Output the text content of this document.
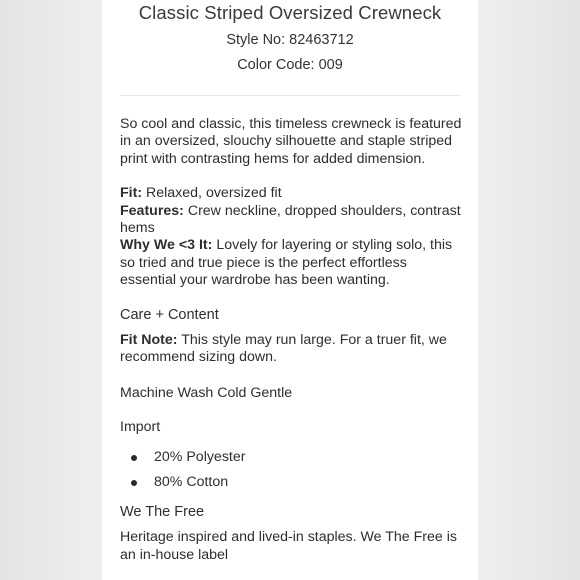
Classic Striped Oversized Crewneck
Style No: 82463712
Color Code: 009

So cool and classic, this timeless crewneck is featured in an oversized, slouchy silhouette and staple striped print with contrasting hems for added dimension.

Fit: Relaxed, oversized fit

Features: Crew neckline, dropped shoulders, contrast hems

Why We <3 It: Lovely for layering or styling solo, this so tried and true piece is the perfect effortless essential your wardrobe has been wanting.

Care + Content

Fit Note: This style may run large. For a truer fit, we recommend sizing down.

Machine Wash Cold Gentle

Import

20% Polyester
80% Cotton

We The Free

Heritage inspired and lived-in staples. We The Free is an in-house label
